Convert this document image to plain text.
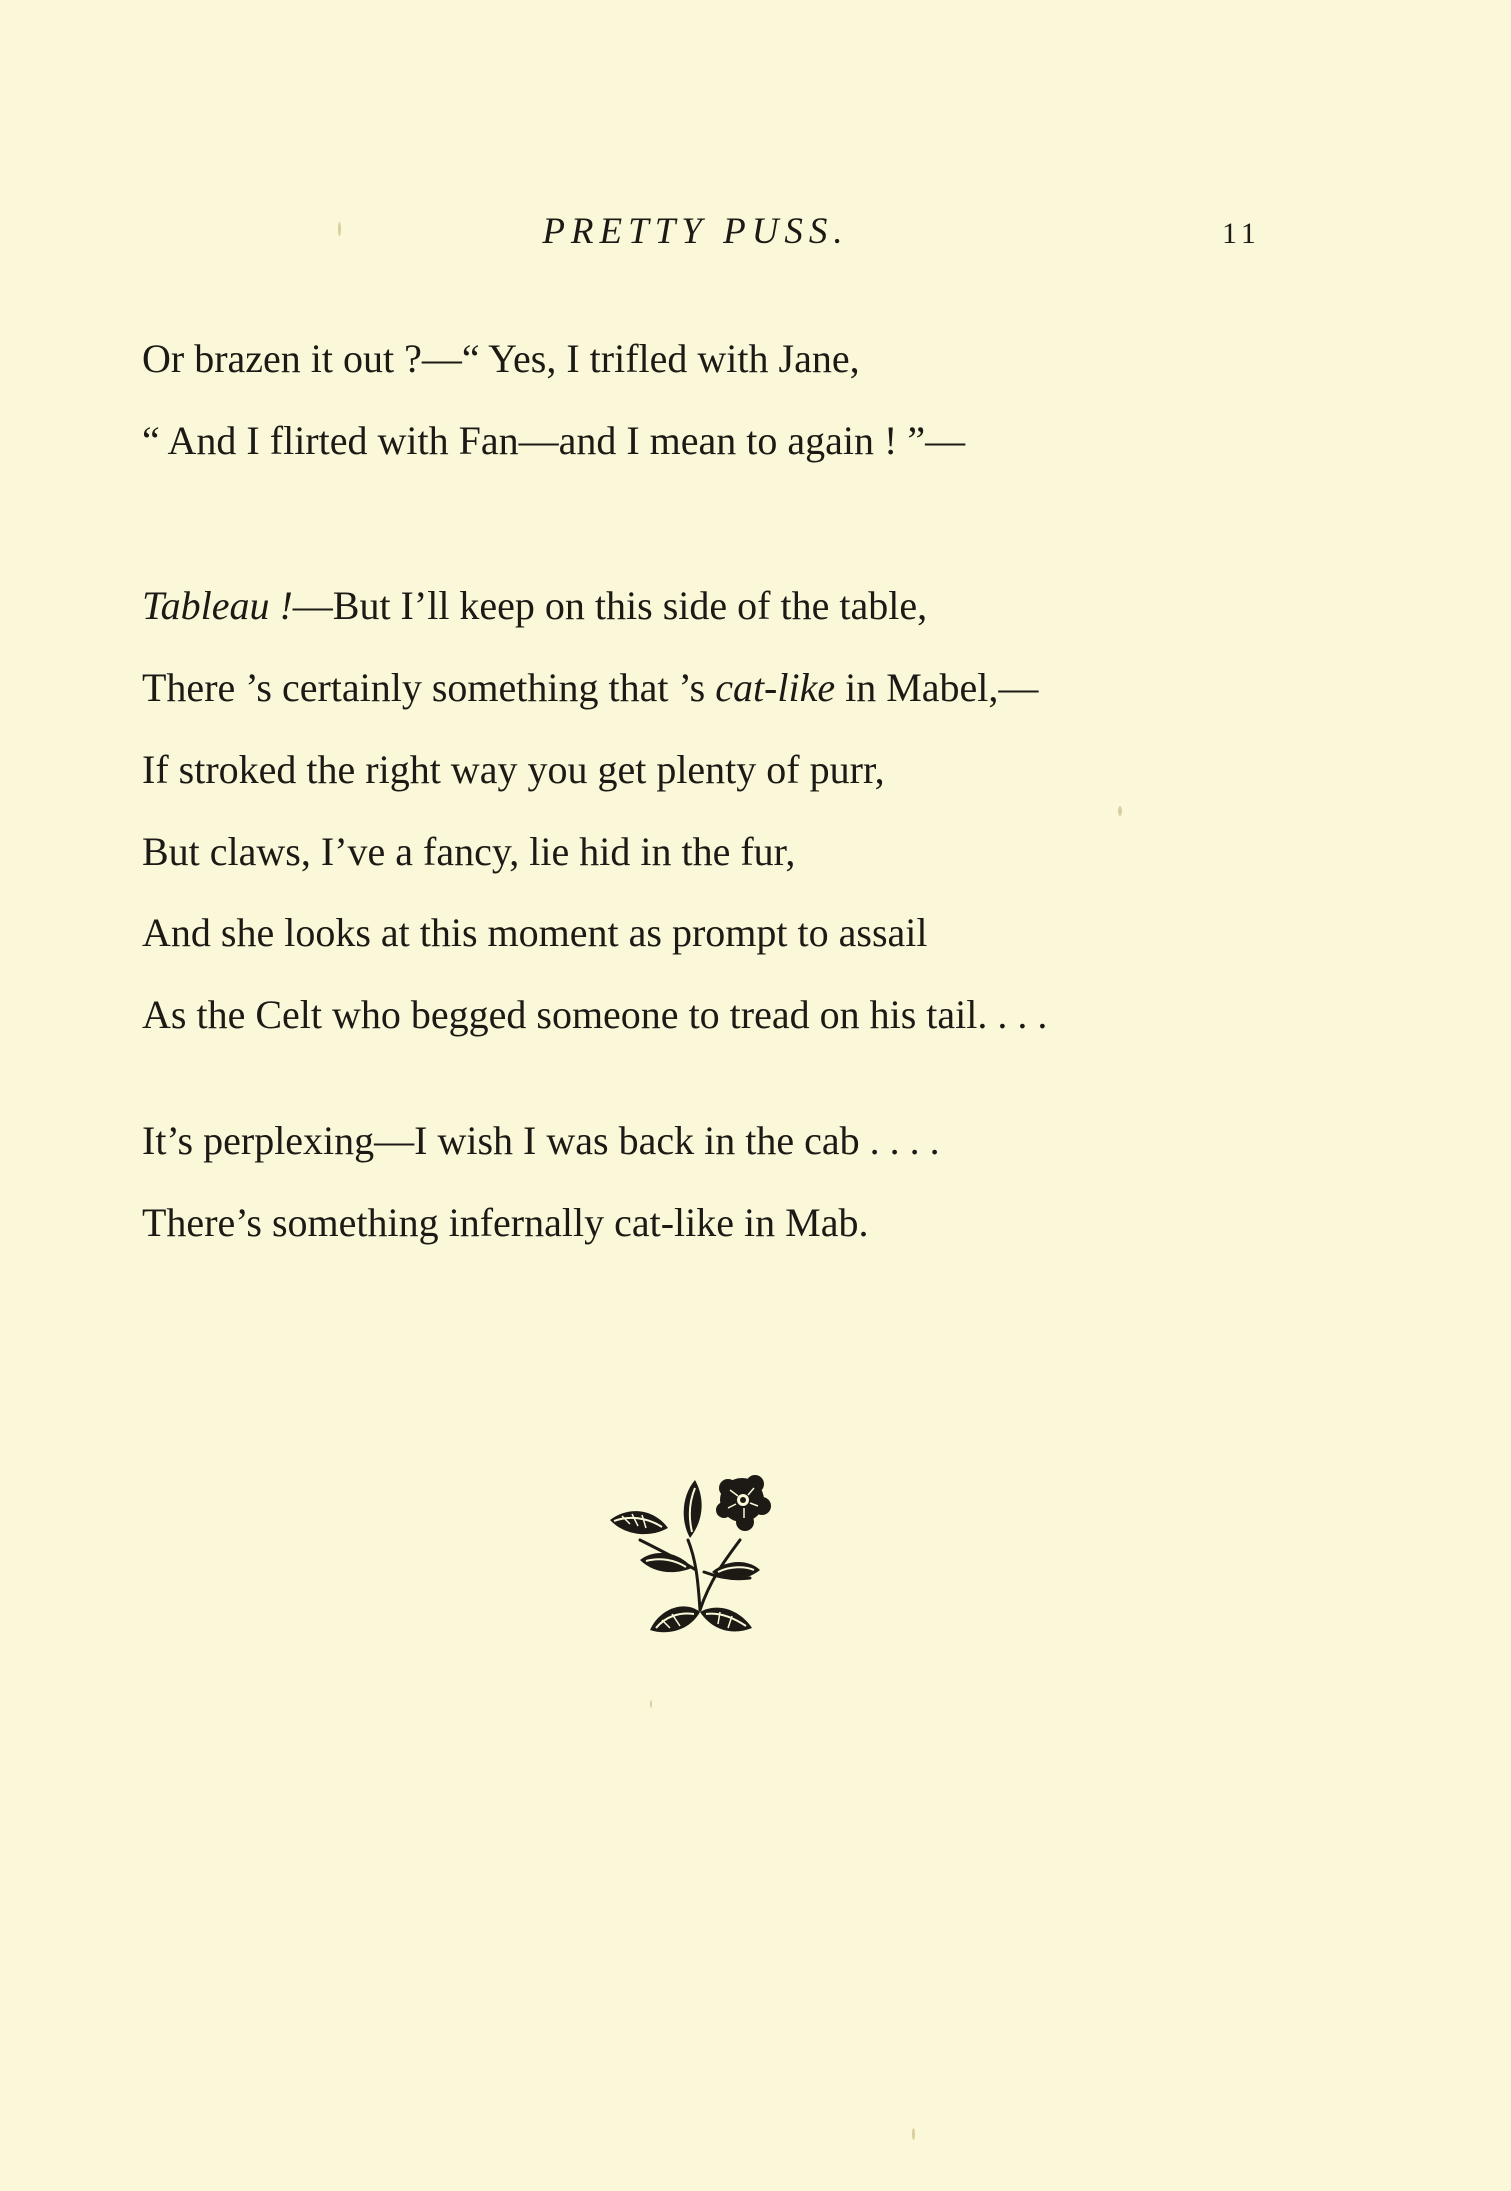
PRETTY PUSS.	11
Or brazen it out ?—“ Yes, I trifled with Jane,
“ And I flirted with Fan—and I mean to again ! ”—
Tableau !—But I’ll keep on this side of the table,
There ’s certainly something that ’s cat-like in Mabel,—
If stroked the right way you get plenty of purr,
But claws, I’ve a fancy, lie hid in the fur,
And she looks at this moment as prompt to assail
As the Celt who begged someone to tread on his tail. . . .
It’s perplexing—I wish I was back in the cab . . . .
There’s something infernally cat-like in Mab.
